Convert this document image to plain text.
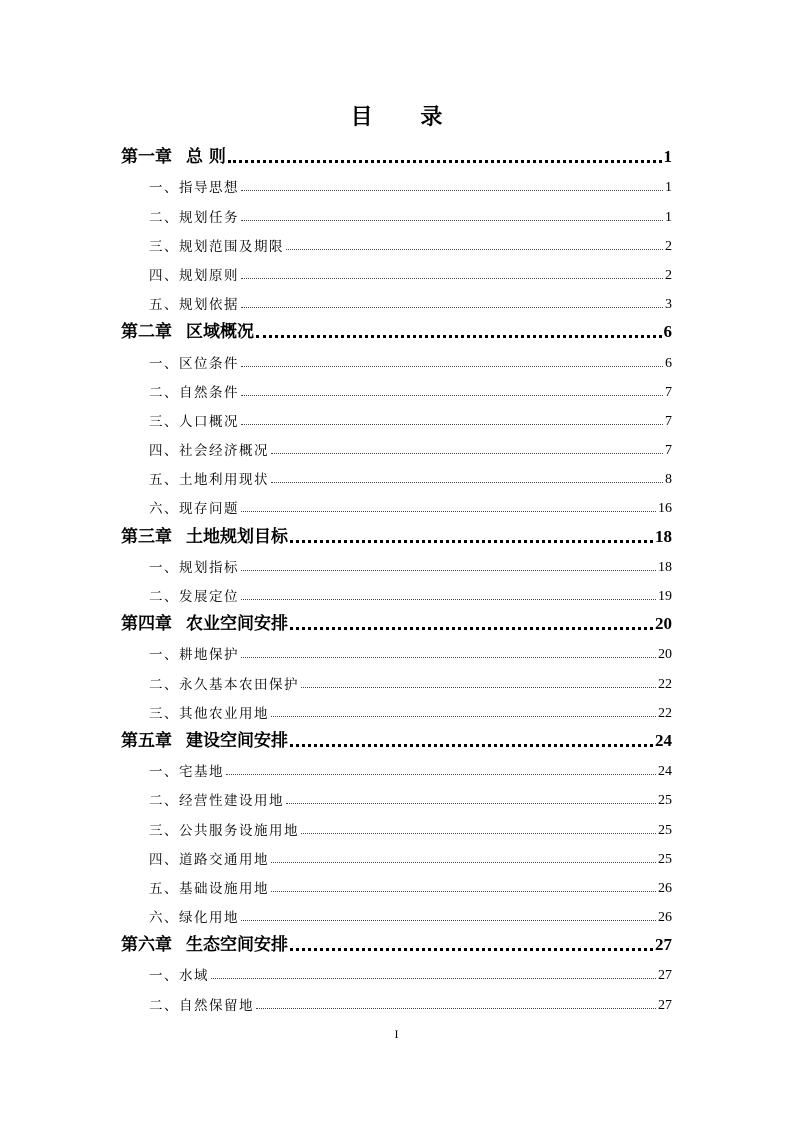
目 录
第一章 总 则	1
一、指导思想	1
二、规划任务	1
三、规划范围及期限	2
四、规划原则	2
五、规划依据	3
第二章 区域概况	6
一、区位条件	6
二、自然条件	7
三、人口概况	7
四、社会经济概况	7
五、土地利用现状	8
六、现存问题	16
第三章 土地规划目标	18
一、规划指标	18
二、发展定位	19
第四章 农业空间安排	20
一、耕地保护	20
二、永久基本农田保护	22
三、其他农业用地	22
第五章 建设空间安排	24
一、宅基地	24
二、经营性建设用地	25
三、公共服务设施用地	25
四、道路交通用地	25
五、基础设施用地	26
六、绿化用地	26
第六章 生态空间安排	27
一、水域	27
二、自然保留地	27
I
